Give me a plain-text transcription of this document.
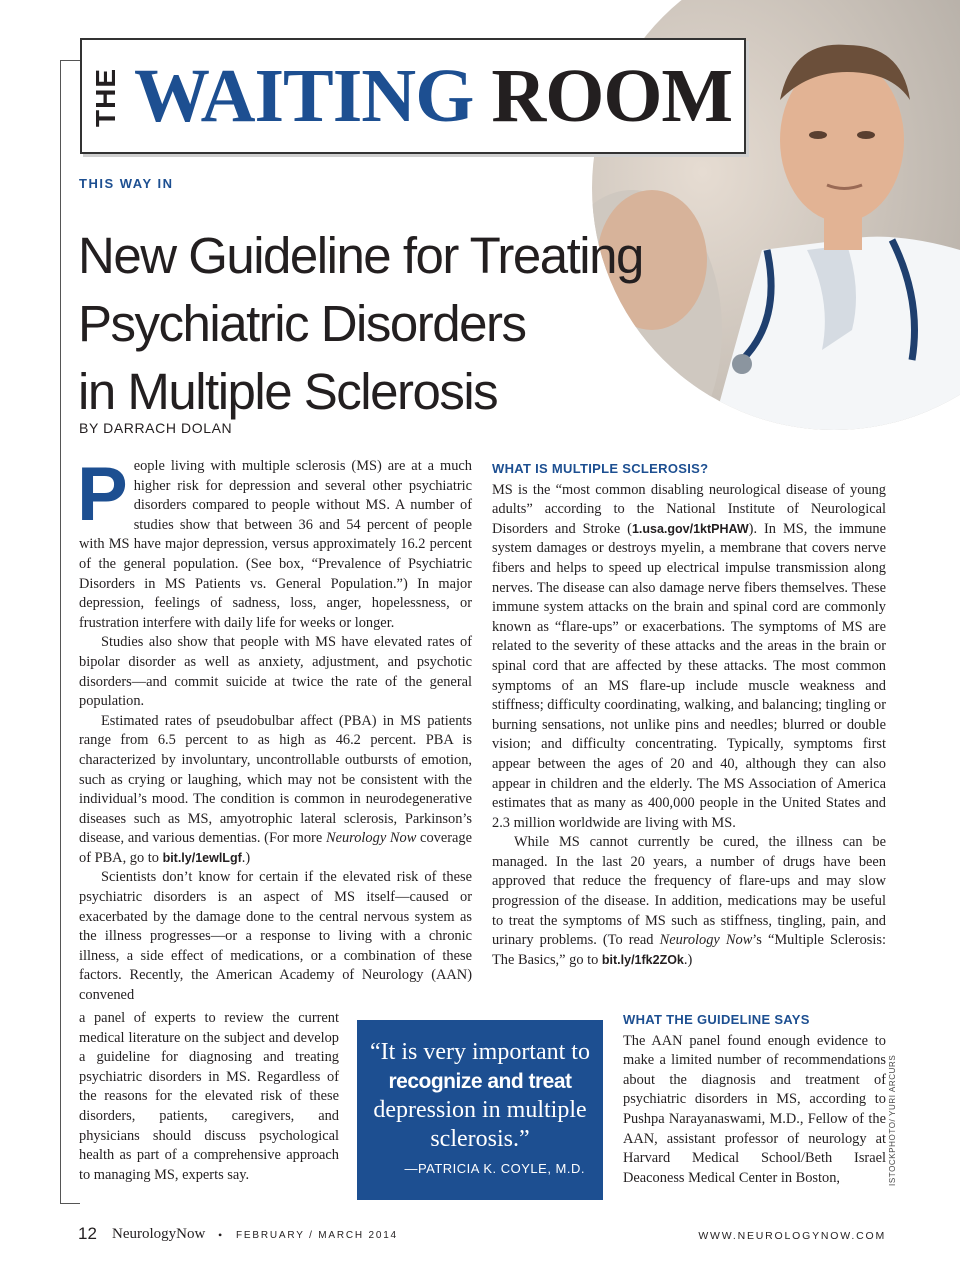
THE WAITING ROOM
THIS WAY IN
New Guideline for Treating
Psychiatric Disorders
in Multiple Sclerosis
BY DARRACH DOLAN

People living with multiple sclerosis (MS) are at a much higher risk for depression and several other psychiatric disorders compared to people without MS. A number of studies show that between 36 and 54 percent of people with MS have major depression, versus approximately 16.2 percent of the general population. (See box, “Prevalence of Psychiatric Disorders in MS Patients vs. General Population.”) In major depression, feelings of sadness, loss, anger, hopelessness, or frustration interfere with daily life for weeks or longer.

Studies also show that people with MS have elevated rates of bipolar disorder as well as anxiety, adjustment, and psychotic disorders—and commit suicide at twice the rate of the general population.

Estimated rates of pseudobulbar affect (PBA) in MS patients range from 6.5 percent to as high as 46.2 percent. PBA is characterized by involuntary, uncontrollable outbursts of emotion, such as crying or laughing, which may not be consistent with the individual’s mood. The condition is common in neurodegenerative diseases such as MS, amyotrophic lateral sclerosis, Parkinson’s disease, and various dementias. (For more Neurology Now coverage of PBA, go to bit.ly/1ewlLgf.)

Scientists don’t know for certain if the elevated risk of these psychiatric disorders is an aspect of MS itself—caused or exacerbated by the damage done to the central nervous system as the illness progresses—or a response to living with a chronic illness, a side effect of medications, or a combination of these factors. Recently, the American Academy of Neurology (AAN) convened

a panel of experts to review the current medical literature on the subject and develop a guideline for diagnosing and treating psychiatric disorders in MS. Regardless of the reasons for the elevated risk of these disorders, patients, caregivers, and physicians should discuss psychological health as part of a comprehensive approach to managing MS, experts say.

WHAT IS MULTIPLE SCLEROSIS?

MS is the “most common disabling neurological disease of young adults” according to the National Institute of Neurological Disorders and Stroke (1.usa.gov/1ktPHAW). In MS, the immune system damages or destroys myelin, a membrane that covers nerve fibers and helps to speed up electrical impulse transmission along nerves. The disease can also damage nerve fibers themselves. These immune system attacks on the brain and spinal cord are commonly known as “flare-ups” or exacerbations. The symptoms of MS are related to the severity of these attacks and the areas in the brain or spinal cord that are affected by these attacks. The most common symptoms of an MS flare-up include muscle weakness and stiffness; difficulty coordinating, walking, and balancing; tingling or burning sensations, not unlike pins and needles; blurred or double vision; and difficulty concentrating. Typically, symptoms first appear between the ages of 20 and 40, although they can also appear in children and the elderly. The MS Association of America estimates that as many as 400,000 people in the United States and 2.3 million worldwide are living with MS.

While MS cannot currently be cured, the illness can be managed. In the last 20 years, a number of drugs have been approved that reduce the frequency of flare-ups and may slow progression of the disease. In addition, medications may be useful to treat the symptoms of MS such as stiffness, tingling, pain, and urinary problems. (To read Neurology Now’s “Multiple Sclerosis: The Basics,” go to bit.ly/1fk2ZOk.)

WHAT THE GUIDELINE SAYS

The AAN panel found enough evidence to make a limited number of recommendations about the diagnosis and treatment of psychiatric disorders in MS, according to Pushpa Narayanaswami, M.D., Fellow of the AAN, assistant professor of neurology at Harvard Medical School/Beth Israel Deaconess Medical Center in Boston,

“It is very important to recognize and treat depression in multiple sclerosis.”
—PATRICIA K. COYLE, M.D.	ISTOCKPHOTO/ YURI ARCURS
12 NeurologyNow • FEBRUARY / MARCH 2014	WWW.NEUROLOGYNOW.COM
